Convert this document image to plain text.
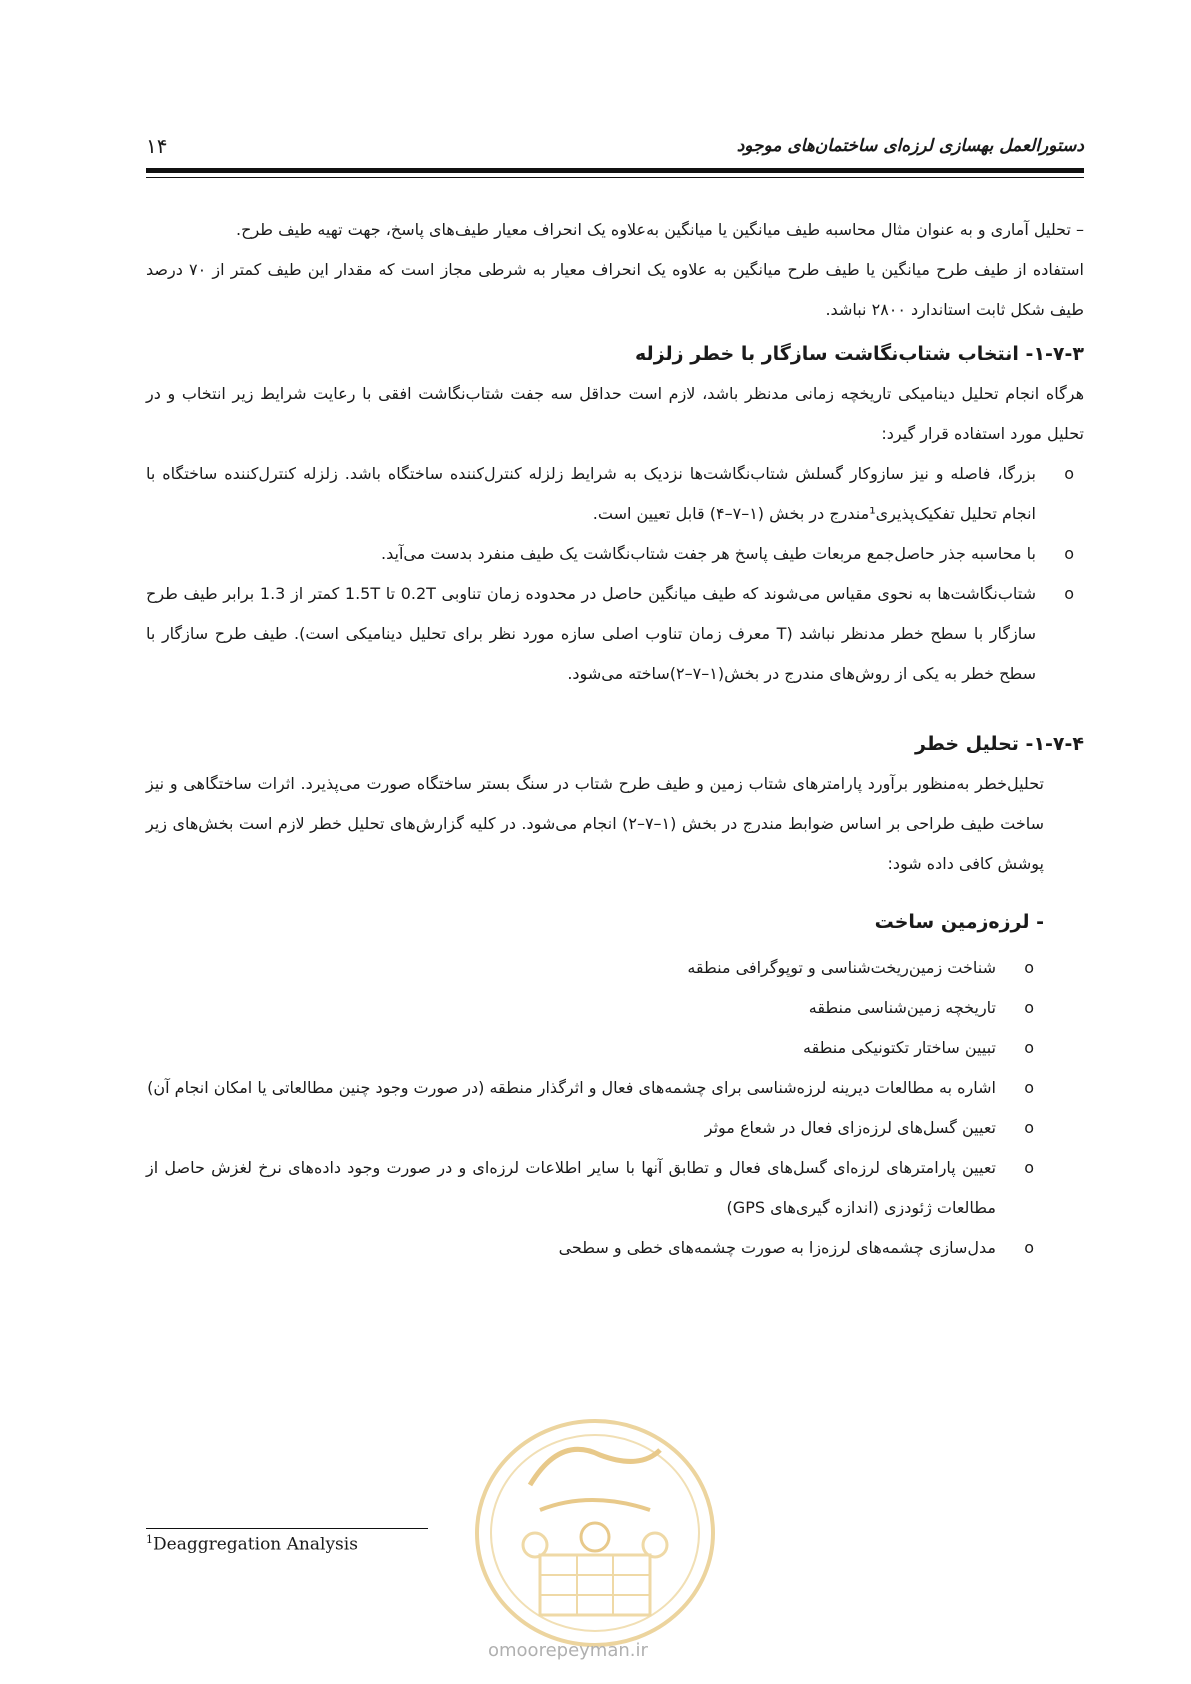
۱۴	دستورالعمل بهسازی لرزه‌ای ساختمان‌های موجود

– تحلیل آماری و به عنوان مثال محاسبه طیف میانگین یا میانگین به‌علاوه یک انحراف معیار طیف‌های پاسخ، جهت تهیه طیف طرح.

استفاده از طیف طرح میانگین یا طیف طرح میانگین به علاوه یک انحراف معیار به شرطی مجاز است که مقدار این طیف کمتر از ۷۰ درصد طیف شکل ثابت استاندارد ۲۸۰۰ نباشد.

۱-۷-۳- انتخاب شتاب‌نگاشت سازگار با خطر زلزله

هرگاه انجام تحلیل دینامیکی تاریخچه زمانی مدنظر باشد، لازم است حداقل سه جفت شتاب‌نگاشت افقی با رعایت شرایط زیر انتخاب و در تحلیل مورد استفاده قرار گیرد:

o
بزرگا، فاصله و نیز سازوکار گسلش شتاب‌نگاشت‌ها نزدیک به شرایط زلزله کنترل‌کننده ساختگاه باشد. زلزله کنترل‌کننده ساختگاه با انجام تحلیل تفکیک‌پذیری¹مندرج در بخش (۱–۷–۴) قابل تعیین است.
o
با محاسبه جذر حاصل‌جمع مربعات طیف پاسخ هر جفت شتاب‌نگاشت یک طیف منفرد بدست می‌آید.
o
شتاب‌نگاشت‌ها به نحوی مقیاس می‌شوند که طیف میانگین حاصل در محدوده زمان تناوبی 0.2T تا 1.5T کمتر از 1.3 برابر طیف طرح سازگار با سطح خطر مدنظر نباشد (T معرف زمان تناوب اصلی سازه مورد نظر برای تحلیل دینامیکی است). طیف طرح سازگار با سطح خطر به یکی از روش‌های مندرج در بخش(۱–۷–۲)ساخته می‌شود.
۱-۷-۴- تحلیل خطر

تحلیل‌خطر به‌منظور برآورد پارامترهای شتاب زمین و طیف طرح شتاب در سنگ بستر ساختگاه صورت می‌پذیرد. اثرات ساختگاهی و نیز ساخت طیف طراحی بر اساس ضوابط مندرج در بخش (۱–۷–۲) انجام می‌شود. در کلیه گزارش‌های تحلیل خطر لازم است بخش‌های زیر پوشش کافی داده شود:

- لرزه‌زمین ساخت
o
شناخت زمین‌ریخت‌شناسی و توپوگرافی منطقه
o
تاریخچه زمین‌شناسی منطقه
o
تبیین ساختار تکتونیکی منطقه
o
اشاره به مطالعات دیرینه لرزه‌شناسی برای چشمه‌های فعال و اثرگذار منطقه (در صورت وجود چنین مطالعاتی یا امکان انجام آن)
o
تعیین گسل‌های لرزه‌زای فعال در شعاع موثر
o
تعیین پارامترهای لرزه‌ای گسل‌های فعال و تطابق آنها با سایر اطلاعات لرزه‌ای و در صورت وجود داده‌های نرخ لغزش حاصل از مطالعات ژئودزی (اندازه گیری‌های GPS)
o
مدل‌سازی چشمه‌های لرزه‌زا به صورت چشمه‌های خطی و سطحی
omoorepeyman.ir
$^1$Deaggregation Analysis
